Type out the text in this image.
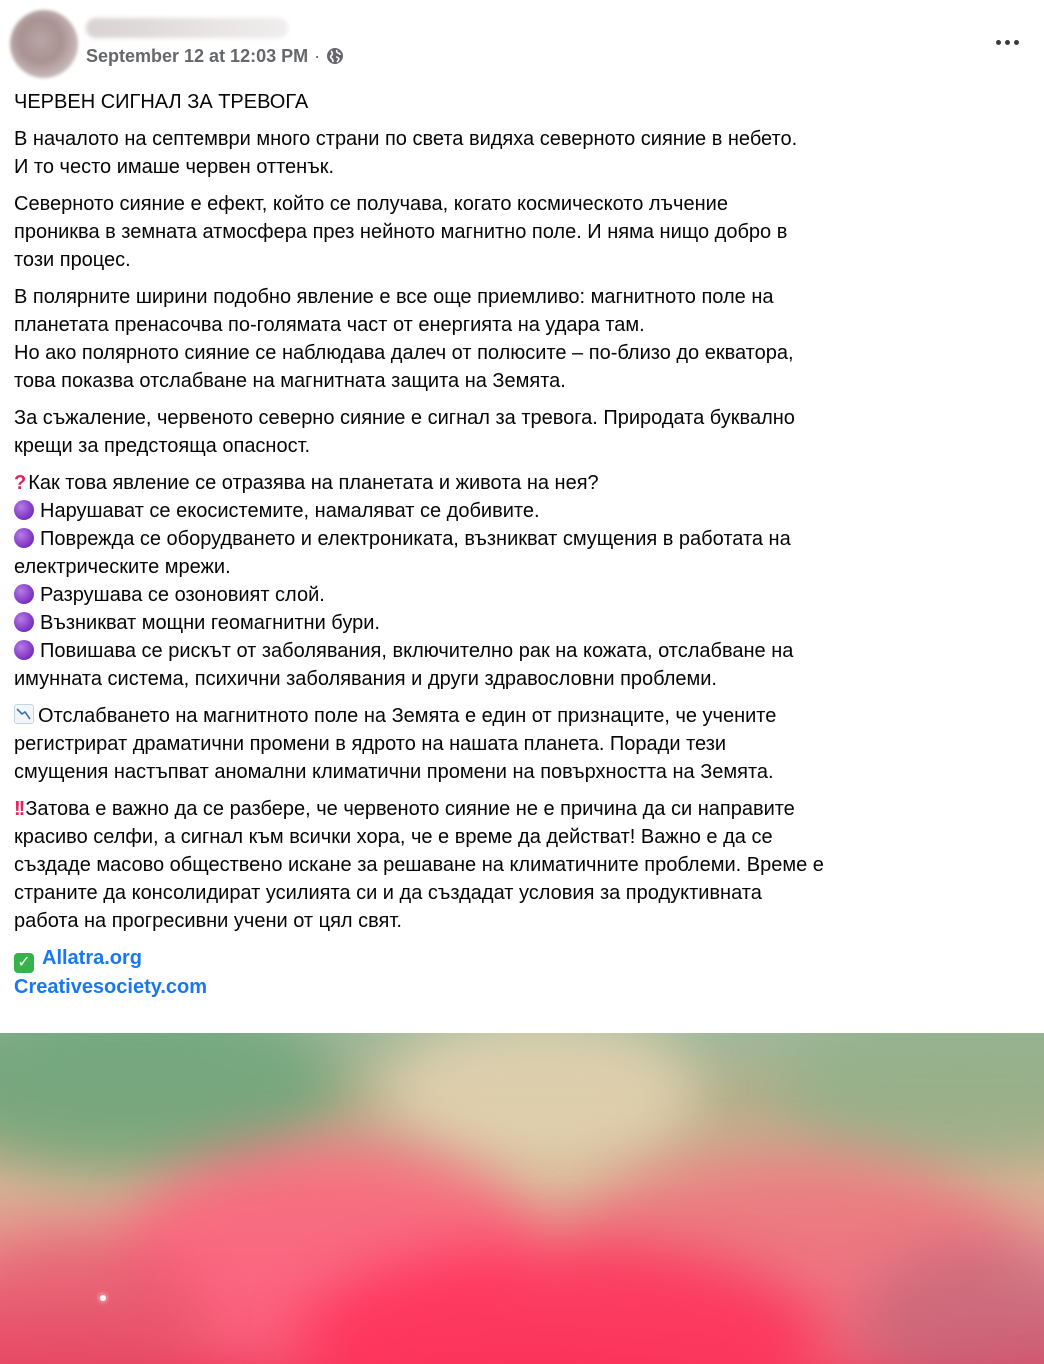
September 12 at 12:03 PM ·

ЧЕРВЕН СИГНАЛ ЗА ТРЕВОГА

В началото на септември много страни по света видяха северното сияние в небето.
И то често имаше червен оттенък.

Северното сияние е ефект, който се получава, когато космическото лъчение
прониква в земната атмосфера през нейното магнитно поле. И няма нищо добро в
този процес.

В полярните ширини подобно явление е все още приемливо: магнитното поле на
планетата пренасочва по-голямата част от енергията на удара там.
Но ако полярното сияние се наблюдава далеч от полюсите – по-близо до екватора,
това показва отслабване на магнитната защита на Земята.

За съжаление, червеното северно сияние е сигнал за тревога. Природата буквално
крещи за предстояща опасност.

? Как това явление се отразява на планетата и живота на нея?
Нарушават се екосистемите, намаляват се добивите.
Поврежда се оборудването и електрониката, възникват смущения в работата на
електрическите мрежи.
Разрушава се озоновият слой.
Възникват мощни геомагнитни бури.
Повишава се рискът от заболявания, включително рак на кожата, отслабване на
имунната система, психични заболявания и други здравословни проблеми.

Отслабването на магнитното поле на Земята е един от признаците, че учените
регистрират драматични промени в ядрото на нашата планета. Поради тези
смущения настъпват аномални климатични промени на повърхността на Земята.

!! Затова е важно да се разбере, че червеното сияние не е причина да си направите
красиво селфи, а сигнал към всички хора, че е време да действат! Важно е да се
създаде масово обществено искане за решаване на климатичните проблеми. Време е
страните да консолидират усилията си и да създадат условия за продуктивната
работа на прогресивни учени от цял свят.

✓ Allatra.org
Creativesociety.com
